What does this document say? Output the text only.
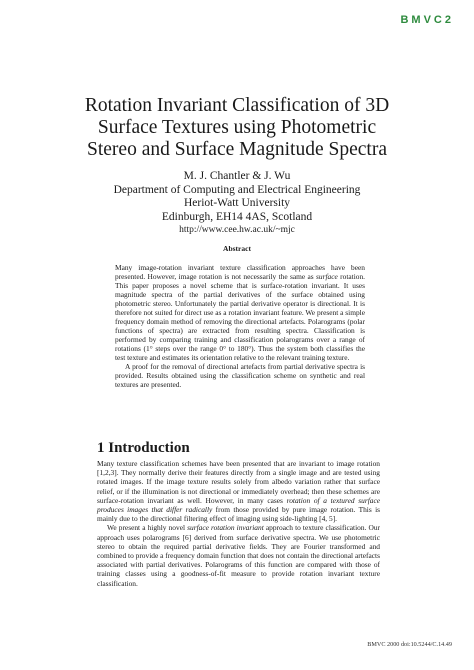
BMVC2
Rotation Invariant Classification of 3D
Surface Textures using Photometric
Stereo and Surface Magnitude Spectra
M. J. Chantler & J. Wu
Department of Computing and Electrical Engineering
Heriot-Watt University
Edinburgh, EH14 4AS, Scotland
http://www.cee.hw.ac.uk/~mjc
Abstract

Many image-rotation invariant texture classification approaches have been presented. However, image rotation is not necessarily the same as surface rotation. This paper proposes a novel scheme that is surface-rotation invariant. It uses magnitude spectra of the partial derivatives of the surface obtained using photometric stereo. Unfortunately the partial derivative operator is directional. It is therefore not suited for direct use as a rotation invariant feature. We present a simple frequency domain method of removing the directional artefacts. Polarograms (polar functions of spectra) are extracted from resulting spectra. Classification is performed by comparing training and classification polarograms over a range of rotations (1° steps over the range 0° to 180°). Thus the system both classifies the test texture and estimates its orientation relative to the relevant training texture.

A proof for the removal of directional artefacts from partial derivative spectra is provided. Results obtained using the classification scheme on synthetic and real textures are presented.

1 Introduction

Many texture classification schemes have been presented that are invariant to image rotation [1,2,3]. They normally derive their features directly from a single image and are tested using rotated images. If the image texture results solely from albedo variation rather that surface relief, or if the illumination is not directional or immediately overhead; then these schemes are surface-rotation invariant as well. However, in many cases rotation of a textured surface produces images that differ radically from those provided by pure image rotation. This is mainly due to the directional filtering effect of imaging using side-lighting [4, 5].

We present a highly novel surface rotation invariant approach to texture classification. Our approach uses polarograms [6] derived from surface derivative spectra. We use photometric stereo to obtain the required partial derivative fields. They are Fourier transformed and combined to provide a frequency domain function that does not contain the directional artefacts associated with partial derivatives. Polarograms of this function are compared with those of training classes using a goodness-of-fit measure to provide rotation invariant texture classification.

BMVC 2000 doi:10.5244/C.14.49
